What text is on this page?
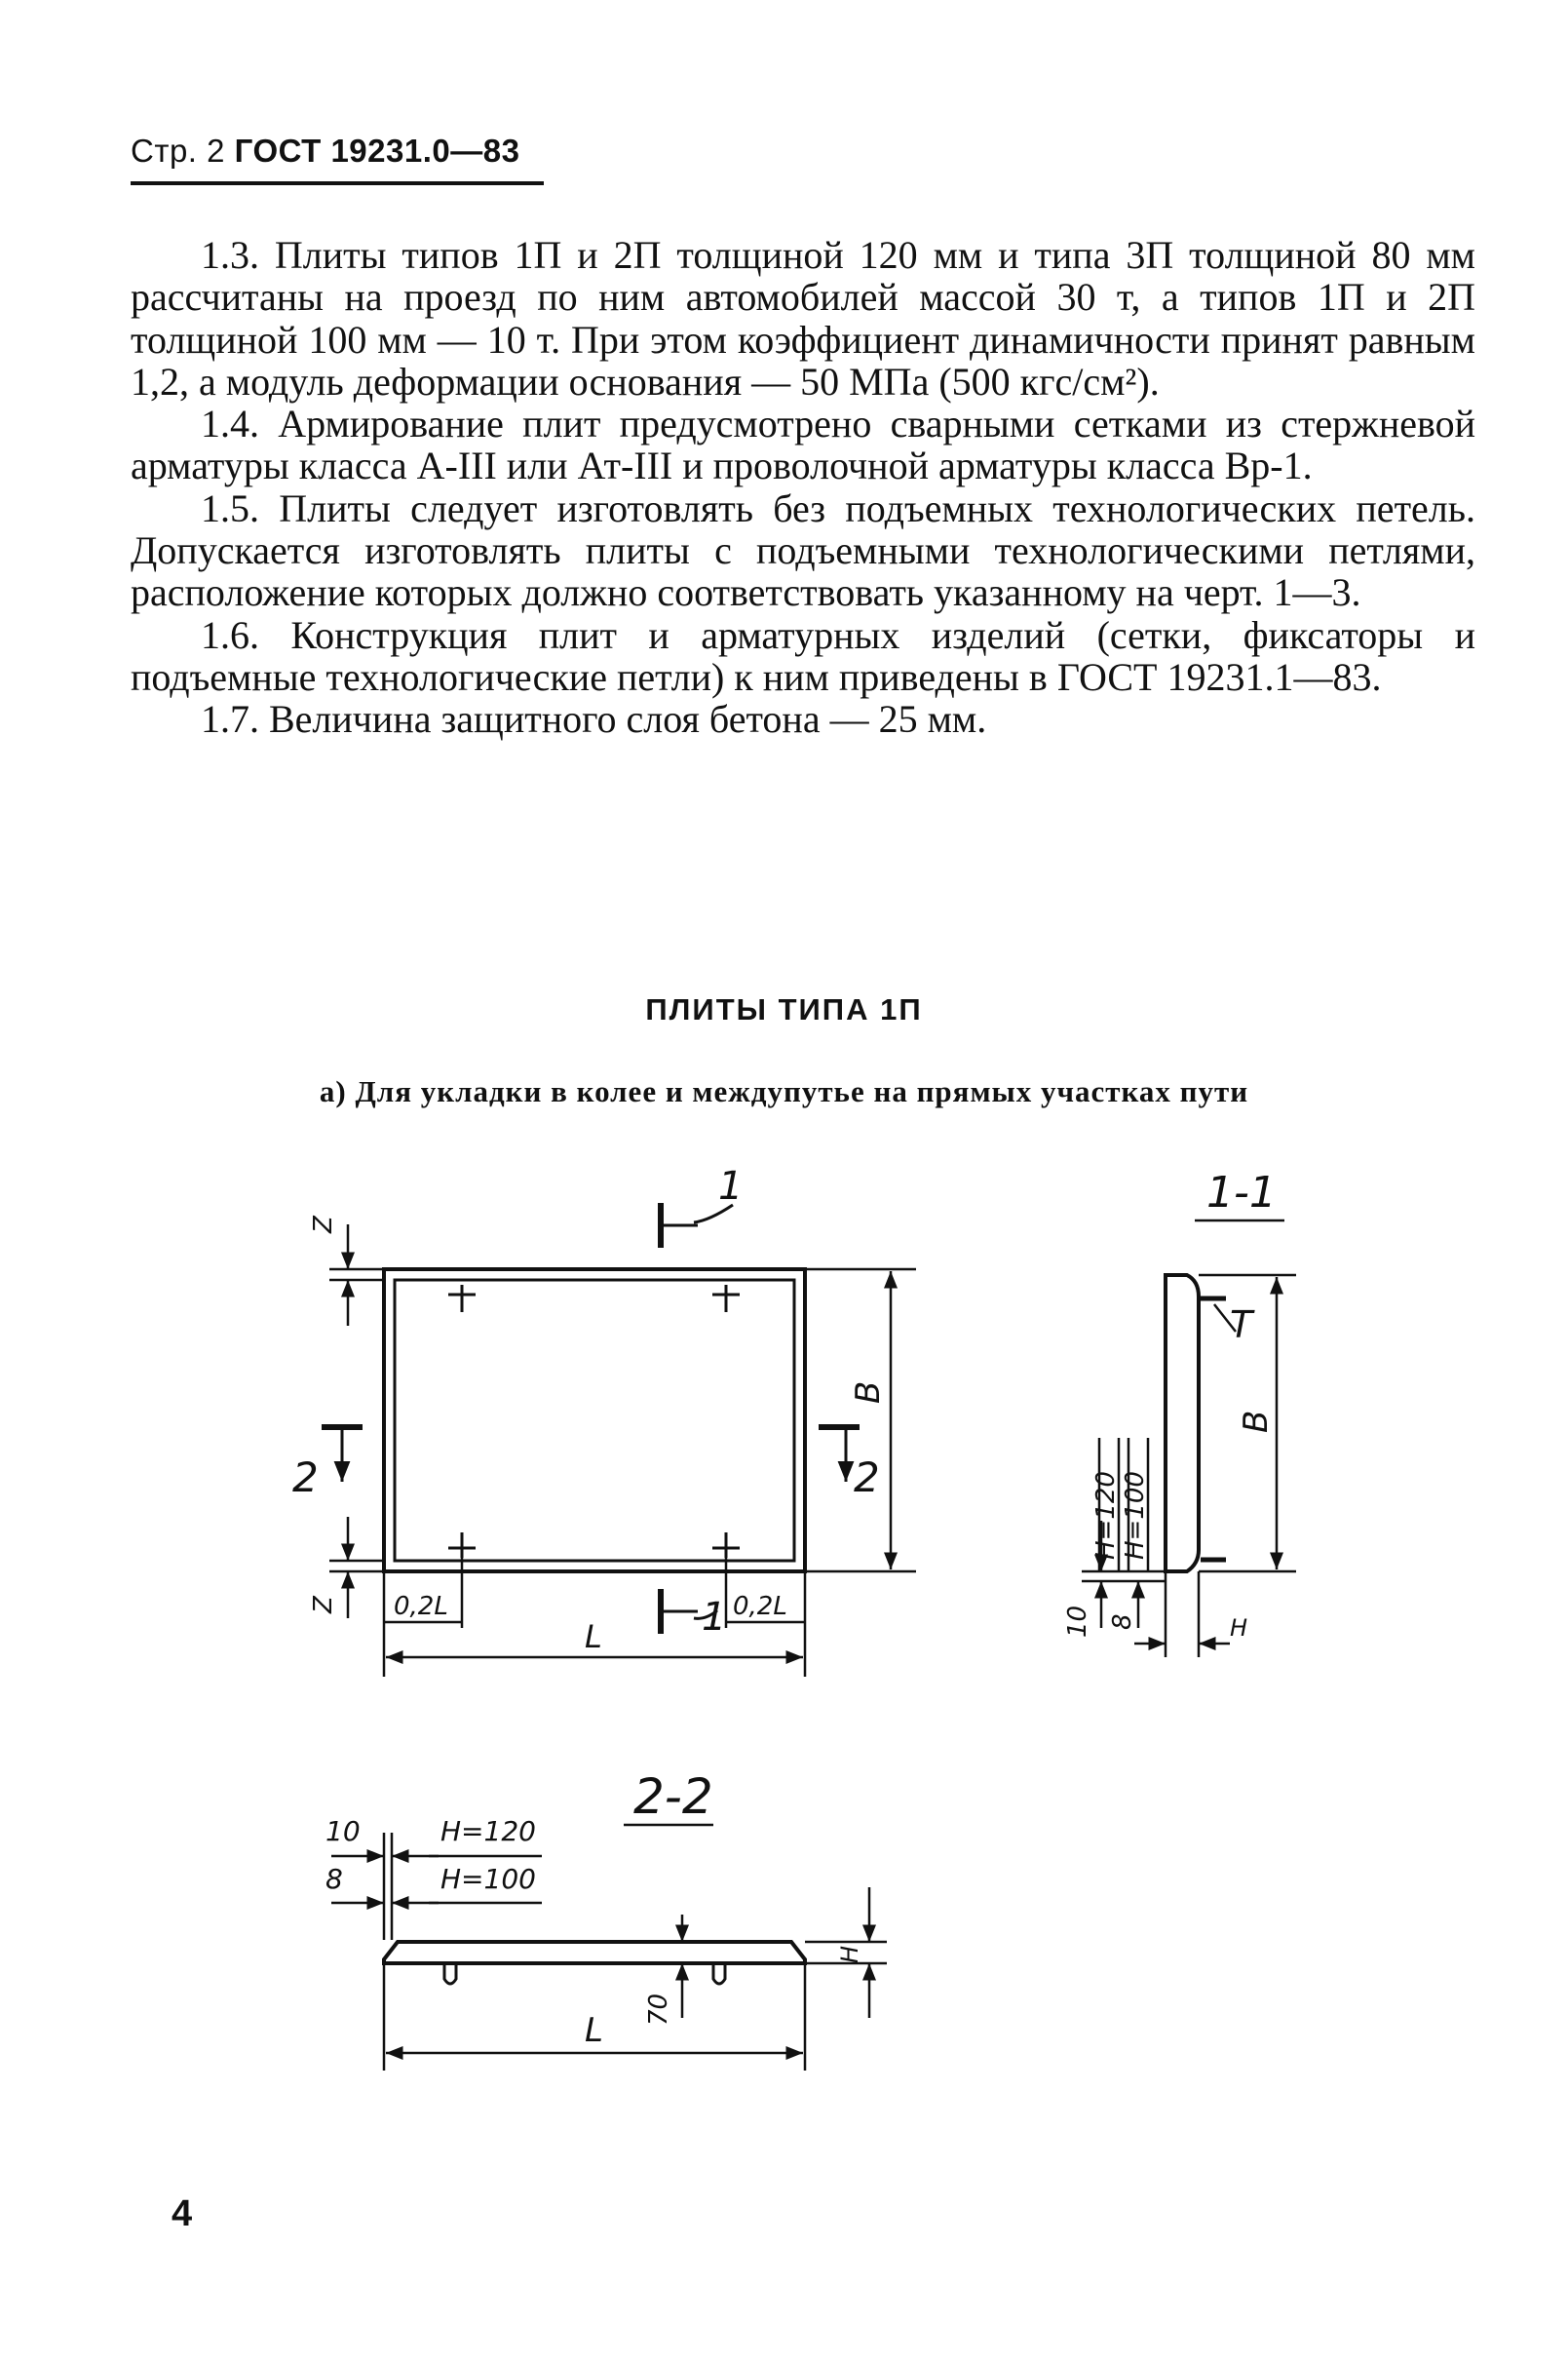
Стр. 2 ГОСТ 19231.0—83

1.3. Плиты типов 1П и 2П толщиной 120 мм и типа 3П толщиной 80 мм рассчитаны на проезд по ним автомобилей массой 30 т, а типов 1П и 2П толщиной 100 мм — 10 т. При этом коэффициент динамичности принят равным 1,2, а модуль деформации основания — 50 МПа (500 кгс/см²).

1.4. Армирование плит предусмотрено сварными сетками из стержневой арматуры класса А-III или Ат-III и проволочной арматуры класса Вр-1.

1.5. Плиты следует изготовлять без подъемных технологических петель. Допускается изготовлять плиты с подъемными технологическими петлями, расположение которых должно соответствовать указанному на черт. 1—3.

1.6. Конструкция плит и арматурных изделий (сетки, фиксаторы и подъемные технологические петли) к ним приведены в ГОСТ 19231.1—83.

1.7. Величина защитного слоя бетона — 25 мм.

ПЛИТЫ ТИПА 1П
а) Для укладки в колее и междупутье на прямых участках пути
1
1
2	2
Z
Z 0,2L	0,2L
L
B
1-1
T
B
H=120 H=100
10 8	H
2-2
10
8
H=120
H=100
H
70
L
4
